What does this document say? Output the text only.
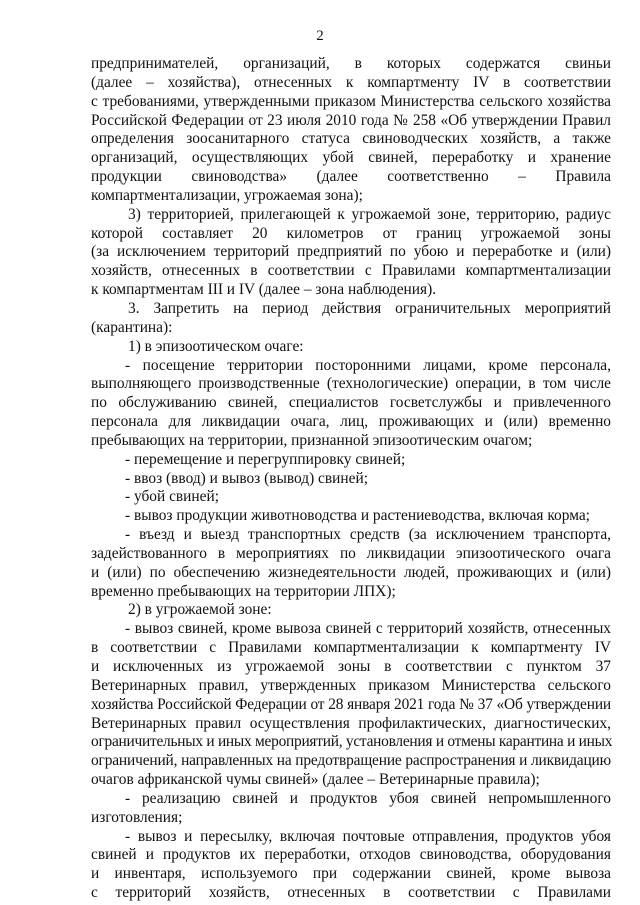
2
предпринимателей, организаций, в которых содержатся свиньи
(далее – хозяйства), отнесенных к компартменту IV в соответствии
с требованиями, утвержденными приказом Министерства сельского хозяйства
Российской Федерации от 23 июля 2010 года № 258 «Об утверждении Правил
определения зоосанитарного статуса свиноводческих хозяйств, а также
организаций, осуществляющих убой свиней, переработку и хранение
продукции свиноводства» (далее соответственно – Правила
компартментализации, угрожаемая зона);
3) территорией, прилегающей к угрожаемой зоне, территорию, радиус
которой составляет 20 километров от границ угрожаемой зоны
(за исключением территорий предприятий по убою и переработке и (или)
хозяйств, отнесенных в соответствии с Правилами компартментализации
к компартментам III и IV (далее – зона наблюдения).
3. Запретить на период действия ограничительных мероприятий
(карантина):
1) в эпизоотическом очаге:
- посещение территории посторонними лицами, кроме персонала,
выполняющего производственные (технологические) операции, в том числе
по обслуживанию свиней, специалистов госветслужбы и привлеченного
персонала для ликвидации очага, лиц, проживающих и (или) временно
пребывающих на территории, признанной эпизоотическим очагом;
- перемещение и перегруппировку свиней;
- ввоз (ввод) и вывоз (вывод) свиней;
- убой свиней;
- вывоз продукции животноводства и растениеводства, включая корма;
- въезд и выезд транспортных средств (за исключением транспорта,
задействованного в мероприятиях по ликвидации эпизоотического очага
и (или) по обеспечению жизнедеятельности людей, проживающих и (или)
временно пребывающих на территории ЛПХ);
2) в угрожаемой зоне:
- вывоз свиней, кроме вывоза свиней с территорий хозяйств, отнесенных
в соответствии с Правилами компартментализации к компартменту IV
и исключенных из угрожаемой зоны в соответствии с пунктом 37
Ветеринарных правил, утвержденных приказом Министерства сельского
хозяйства Российской Федерации от 28 января 2021 года № 37 «Об утверждении
Ветеринарных правил осуществления профилактических, диагностических,
ограничительных и иных мероприятий, установления и отмены карантина и иных
ограничений, направленных на предотвращение распространения и ликвидацию
очагов африканской чумы свиней» (далее – Ветеринарные правила);
- реализацию свиней и продуктов убоя свиней непромышленного
изготовления;
- вывоз и пересылку, включая почтовые отправления, продуктов убоя
свиней и продуктов их переработки, отходов свиноводства, оборудования
и инвентаря, используемого при содержании свиней, кроме вывоза
с территорий хозяйств, отнесенных в соответствии с Правилами
